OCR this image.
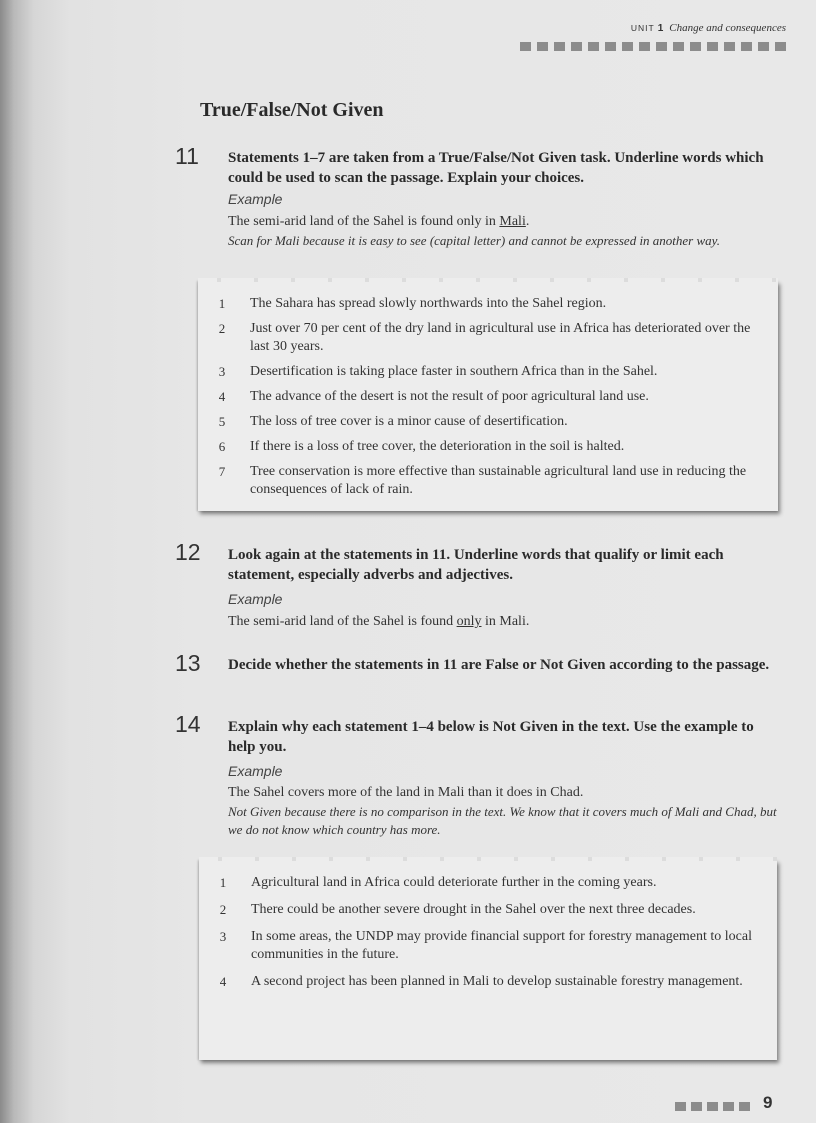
UNIT 1 Change and consequences
True/False/Not Given
11 Statements 1–7 are taken from a True/False/Not Given task. Underline words which could be used to scan the passage. Explain your choices.

Example

The semi-arid land of the Sahel is found only in Mali.

Scan for Mali because it is easy to see (capital letter) and cannot be expressed in another way.

1 The Sahara has spread slowly northwards into the Sahel region.
2 Just over 70 per cent of the dry land in agricultural use in Africa has deteriorated over the last 30 years.
3 Desertification is taking place faster in southern Africa than in the Sahel.
4 The advance of the desert is not the result of poor agricultural land use.
5 The loss of tree cover is a minor cause of desertification.
6 If there is a loss of tree cover, the deterioration in the soil is halted.
7 Tree conservation is more effective than sustainable agricultural land use in reducing the consequences of lack of rain.
12 Look again at the statements in 11. Underline words that qualify or limit each statement, especially adverbs and adjectives.

Example

The semi-arid land of the Sahel is found only in Mali.

13 Decide whether the statements in 11 are False or Not Given according to the passage.

14 Explain why each statement 1–4 below is Not Given in the text. Use the example to help you.

Example

The Sahel covers more of the land in Mali than it does in Chad.

Not Given because there is no comparison in the text. We know that it covers much of Mali and Chad, but we do not know which country has more.

1 Agricultural land in Africa could deteriorate further in the coming years.
2 There could be another severe drought in the Sahel over the next three decades.
3 In some areas, the UNDP may provide financial support for forestry management to local communities in the future.
4 A second project has been planned in Mali to develop sustainable forestry management.
9
